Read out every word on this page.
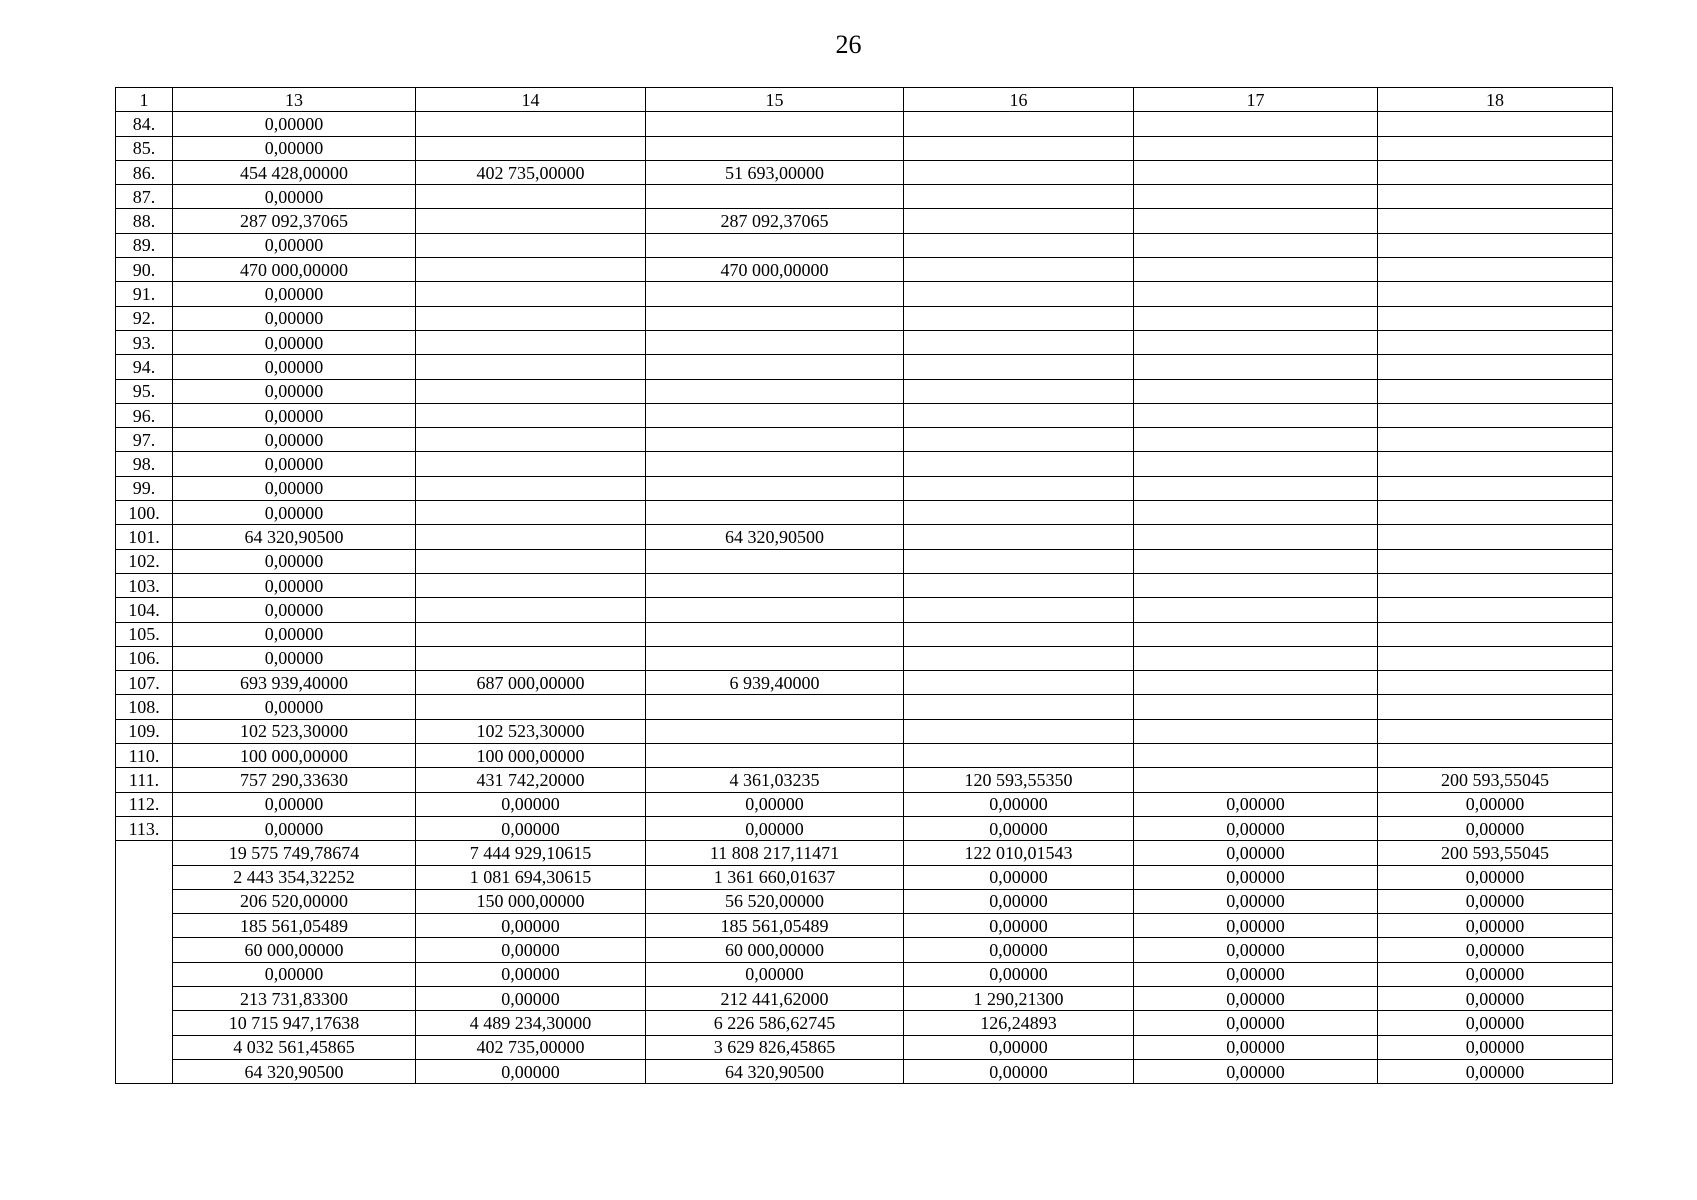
26
1	13	14	15	16	17	18
84.	0,00000					
85.	0,00000					
86.	454 428,00000	402 735,00000	51 693,00000			
87.	0,00000					
88.	287 092,37065		287 092,37065			
89.	0,00000					
90.	470 000,00000		470 000,00000			
91.	0,00000					
92.	0,00000					
93.	0,00000					
94.	0,00000					
95.	0,00000					
96.	0,00000					
97.	0,00000					
98.	0,00000					
99.	0,00000					
100.	0,00000					
101.	64 320,90500		64 320,90500			
102.	0,00000					
103.	0,00000					
104.	0,00000					
105.	0,00000					
106.	0,00000					
107.	693 939,40000	687 000,00000	6 939,40000			
108.	0,00000					
109.	102 523,30000	102 523,30000				
110.	100 000,00000	100 000,00000				
111.	757 290,33630	431 742,20000	4 361,03235	120 593,55350		200 593,55045
112.	0,00000	0,00000	0,00000	0,00000	0,00000	0,00000
113.	0,00000	0,00000	0,00000	0,00000	0,00000	0,00000
	19 575 749,78674	7 444 929,10615	11 808 217,11471	122 010,01543	0,00000	200 593,55045
	2 443 354,32252	1 081 694,30615	1 361 660,01637	0,00000	0,00000	0,00000
	206 520,00000	150 000,00000	56 520,00000	0,00000	0,00000	0,00000
	185 561,05489	0,00000	185 561,05489	0,00000	0,00000	0,00000
	60 000,00000	0,00000	60 000,00000	0,00000	0,00000	0,00000
	0,00000	0,00000	0,00000	0,00000	0,00000	0,00000
	213 731,83300	0,00000	212 441,62000	1 290,21300	0,00000	0,00000
	10 715 947,17638	4 489 234,30000	6 226 586,62745	126,24893	0,00000	0,00000
	4 032 561,45865	402 735,00000	3 629 826,45865	0,00000	0,00000	0,00000
	64 320,90500	0,00000	64 320,90500	0,00000	0,00000	0,00000
